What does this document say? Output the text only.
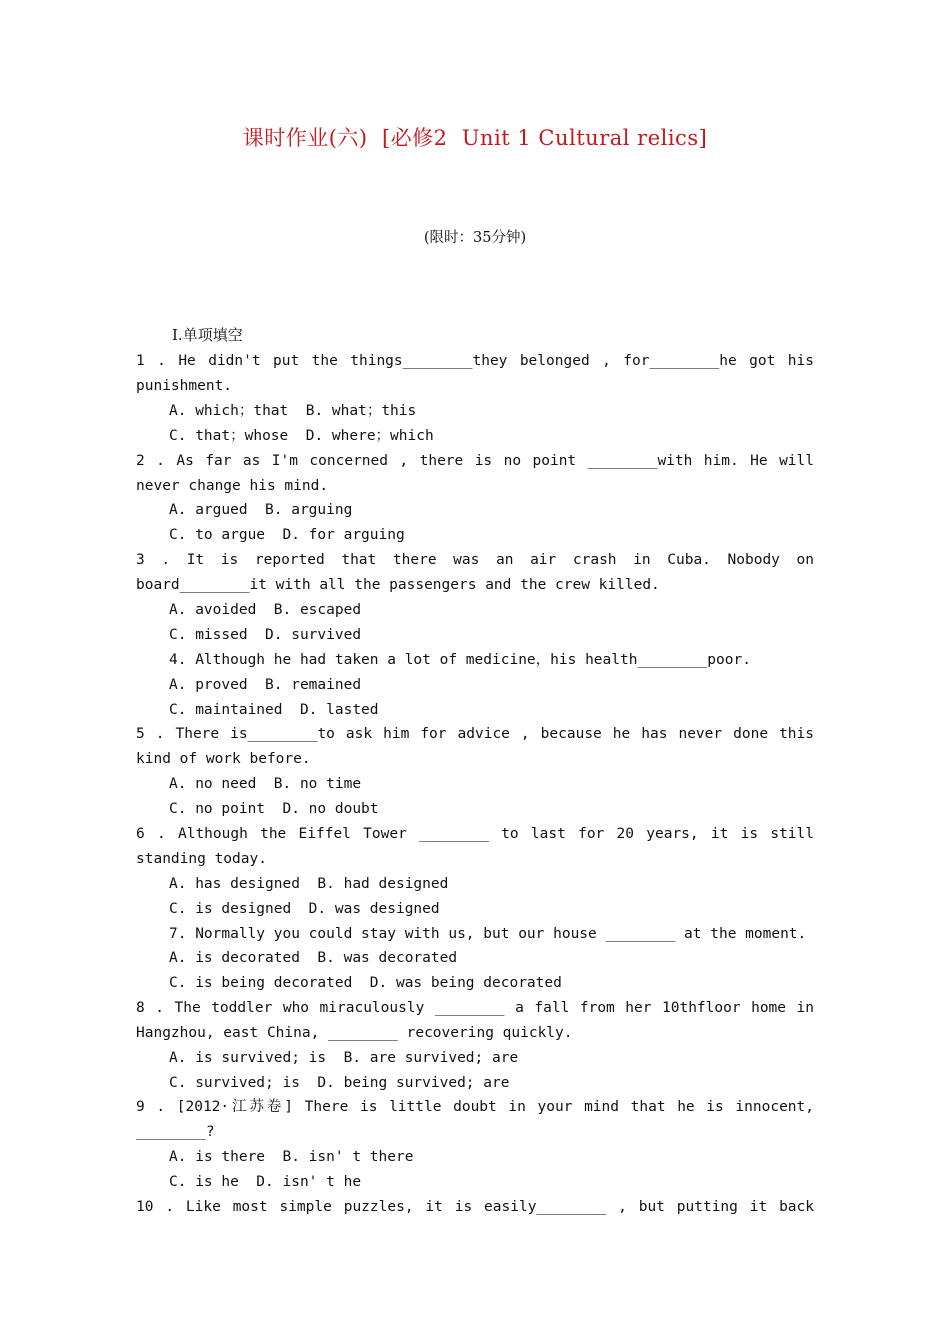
课时作业(六)  [必修2  Unit 1 Cultural relics]
(限时：35分钟)
Ⅰ.单项填空
1 . He didn't put the things________they belonged , for________he got his
punishment.
A. which；that  B. what；this
C. that；whose  D. where；which
2 . As far as I'm concerned , there is no point ________with him. He will
never change his mind.
A. argued  B. arguing
C. to argue  D. for arguing
3 . It is reported that there was an air crash in Cuba. Nobody on
board________it with all the passengers and the crew killed.
A. avoided  B. escaped
C. missed  D. survived
4. Although he had taken a lot of medicine，his health________poor.
A. proved  B. remained
C. maintained  D. lasted
5 . There is________to ask him for advice , because he has never done this
kind of work before.
A. no need  B. no time
C. no point  D. no doubt
6 . Although the Eiffel Tower ________ to last for 20 years, it is still
standing today.
A. has designed  B. had designed
C. is designed  D. was designed
7. Normally you could stay with us, but our house ________ at the moment.
A. is decorated  B. was decorated
C. is being decorated  D. was being decorated
8 . The toddler who miraculously ________ a fall from her 10thfloor home in
Hangzhou, east China, ________ recovering quickly.
A. is survived; is  B. are survived; are
C. survived; is  D. being survived; are
9 . [2012·江苏卷] There is little doubt in your mind that he is innocent,
________?
A. is there  B. isn' t there
C. is he  D. isn' t he
10 . Like most simple puzzles, it is easily________ , but putting it back
